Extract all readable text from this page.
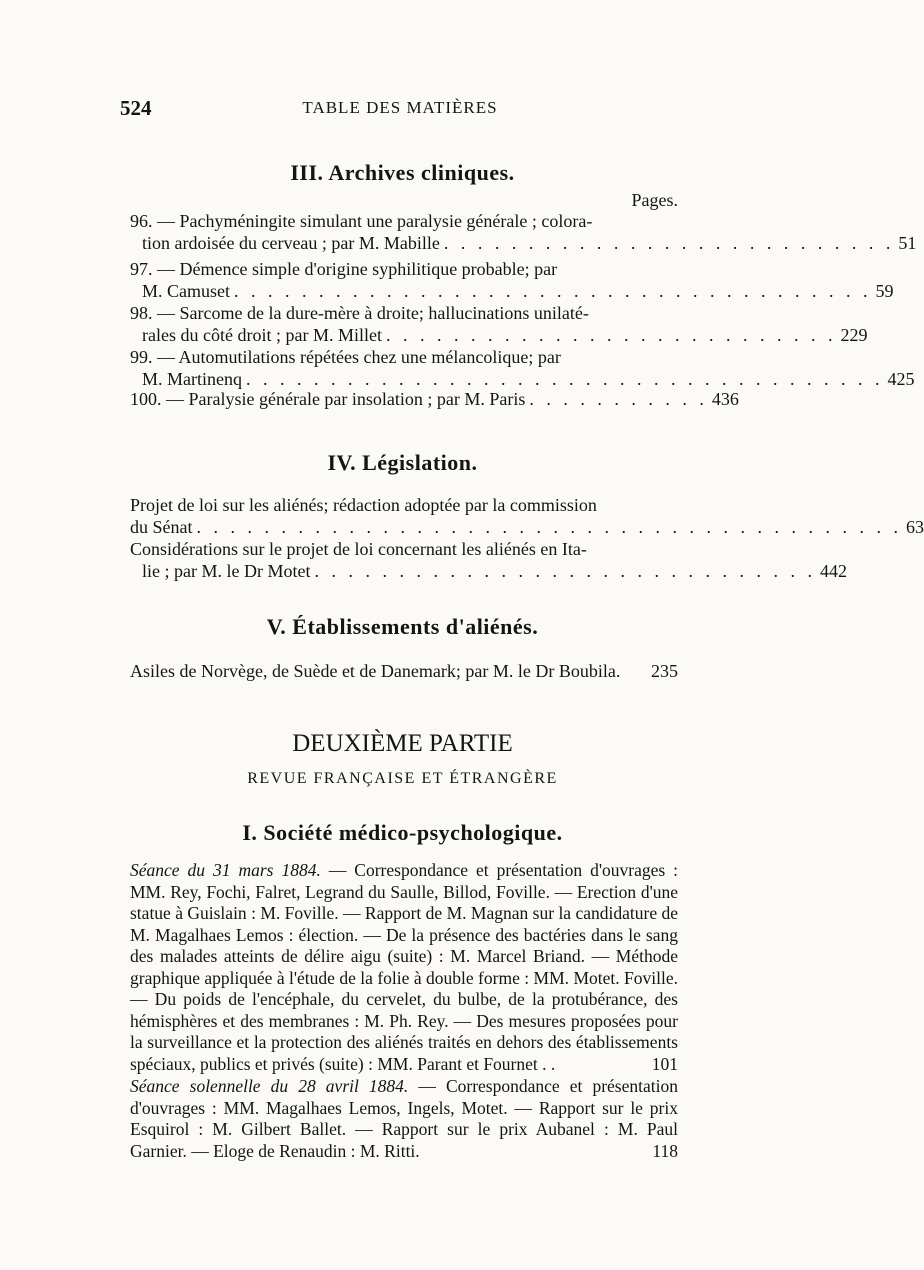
524	TABLE DES MATIÈRES
III. Archives cliniques.
Pages.
96. — Pachyméningite simulant une paralysie générale ; colora-
tion ardoisée du cerveau ; par M. Mabille . . . . . . . . . . . . . . . . . . . . . . . . . . . 51
97. — Démence simple d'origine syphilitique probable; par
M. Camuset . . . . . . . . . . . . . . . . . . . . . . . . . . . . . . . . . . . . . . 59
98. — Sarcome de la dure-mère à droite; hallucinations unilaté-
rales du côté droit ; par M. Millet . . . . . . . . . . . . . . . . . . . . . . . . . . . 229
99. — Automutilations répétées chez une mélancolique; par
M. Martinenq . . . . . . . . . . . . . . . . . . . . . . . . . . . . . . . . . . . . . . 425
100. — Paralysie générale par insolation ; par M. Paris . . . . . . . . . . . 436
IV. Législation.
Projet de loi sur les aliénés; rédaction adoptée par la commission
du Sénat . . . . . . . . . . . . . . . . . . . . . . . . . . . . . . . . . . . . . . . . . . 63
Considérations sur le projet de loi concernant les aliénés en Ita-
lie ; par M. le Dr Motet . . . . . . . . . . . . . . . . . . . . . . . . . . . . . . 442
V. Établissements d'aliénés.
Asiles de Norvège, de Suède et de Danemark; par M. le Dr Boubila. 235
DEUXIÈME PARTIE
REVUE FRANÇAISE ET ÉTRANGÈRE
I. Société médico-psychologique.
Séance du 31 mars 1884. — Correspondance et présentation d'ouvrages : MM. Rey, Fochi, Falret, Legrand du Saulle, Billod, Foville. — Erection d'une statue à Guislain : M. Foville. — Rapport de M. Magnan sur la candidature de M. Magalhaes Lemos : élection. — De la présence des bactéries dans le sang des malades atteints de délire aigu (suite) : M. Marcel Briand. — Méthode graphique appliquée à l'étude de la folie à double forme : MM. Motet. Foville. — Du poids de l'encéphale, du cervelet, du bulbe, de la protubérance, des hémisphères et des membranes : M. Ph. Rey. — Des mesures proposées pour la surveillance et la protection des aliénés traités en dehors des établissements spéciaux, publics et privés (suite) : MM. Parant et Fournet . .	101
Séance solennelle du 28 avril 1884. — Correspondance et présentation d'ouvrages : MM. Magalhaes Lemos, Ingels, Motet. — Rapport sur le prix Esquirol : M. Gilbert Ballet. — Rapport sur le prix Aubanel : M. Paul Garnier. — Eloge de Renaudin : M. Ritti.	118
